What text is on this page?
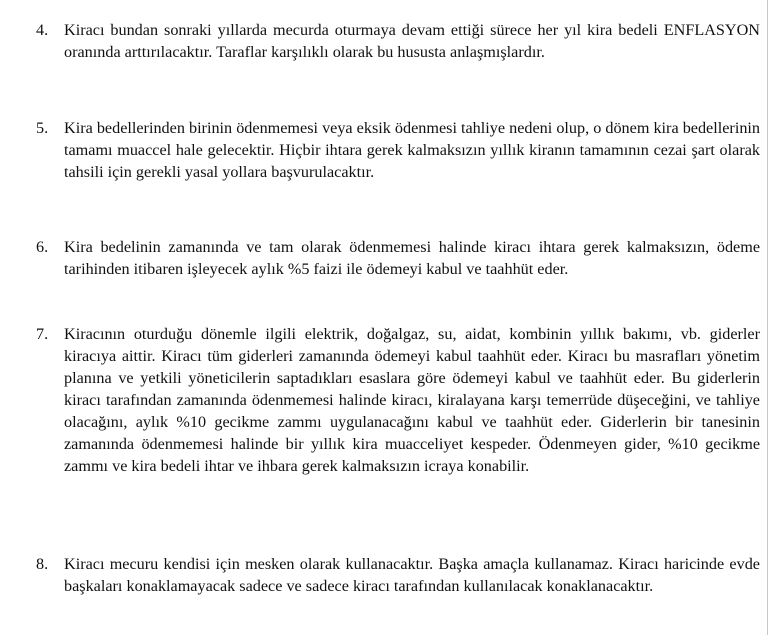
4. Kiracı bundan sonraki yıllarda mecurda oturmaya devam ettiği sürece her yıl kira bedeli ENFLASYON oranında arttırılacaktır. Taraflar karşılıklı olarak bu hususta anlaşmışlardır.
5. Kira bedellerinden birinin ödenmemesi veya eksik ödenmesi tahliye nedeni olup, o dönem kira bedellerinin tamamı muaccel hale gelecektir. Hiçbir ihtara gerek kalmaksızın yıllık kiranın tamamının cezai şart olarak tahsili için gerekli yasal yollara başvurulacaktır.
6. Kira bedelinin zamanında ve tam olarak ödenmemesi halinde kiracı ihtara gerek kalmaksızın, ödeme tarihinden itibaren işleyecek aylık %5 faizi ile ödemeyi kabul ve taahhüt eder.
7. Kiracının oturduğu dönemle ilgili elektrik, doğalgaz, su, aidat, kombinin yıllık bakımı, vb. giderler kiracıya aittir. Kiracı tüm giderleri zamanında ödemeyi kabul taahhüt eder. Kiracı bu masrafları yönetim planına ve yetkili yöneticilerin saptadıkları esaslara göre ödemeyi kabul ve taahhüt eder. Bu giderlerin kiracı tarafından zamanında ödenmemesi halinde kiracı, kiralayana karşı temerrüde düşeceğini, ve tahliye olacağını, aylık %10 gecikme zammı uygulanacağını kabul ve taahhüt eder. Giderlerin bir tanesinin zamanında ödenmemesi halinde bir yıllık kira muacceliyet kespeder. Ödenmeyen gider, %10 gecikme zammı ve kira bedeli ihtar ve ihbara gerek kalmaksızın icraya konabilir.
8. Kiracı mecuru kendisi için mesken olarak kullanacaktır. Başka amaçla kullanamaz. Kiracı haricinde evde başkaları konaklamayacak sadece ve sadece kiracı tarafından kullanılacak konaklanacaktır.
